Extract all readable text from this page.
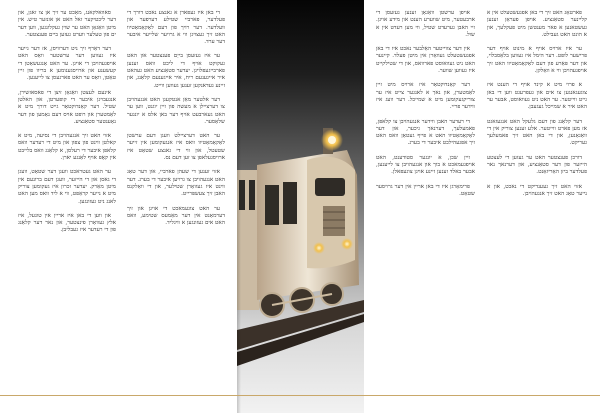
סאוואלקאנג, מאַכט ער זיך אן צו זאגן, און דער ליכטיקער זאל האט אן אונזער טיש. אין מיטן וואַגאָן האט ער שוין געקלונגען, ווען דער ים פון טעלער ווערט געזען ביים פענצטער.

דער דאַרף זיך ניט דערוויסן, אז דער גייער איז געווען דער ערשטער וואָס האט אויפגעהויבן די אויגן. ער האט אָנגעשאָטן די קעשענע און ארויסגענומען א בריוו פון זיין טאַטן, וואָס ער האט פארגעסן צו לייענען.

אינעם לעצטן וואַגאָן זיצן די פאסאזשירן, אנגעבויגן איבער די קופערטן, און האלטן שטיל. דער קאָנדוקטאָר גייט דורך מיט א לאַמטערן און רופט אויס דעם נאָמען פון דער נאָענטער סטאַנציע.

אזוי האט זיך אנגעהויבן די נסיעה, מיט א קאלטן ווינט פון צפון און מיט די רעדער וואס קלאפן איבער די רעלסן, א קלאַנג וואס בלייבט אין קאָפּ אויף לאַנגע יארן.

ער האט געטראכט וועגן דער שטאָט, וועגן די גאסן און די הייזער, וועגן דעם ברונעם אין מיטן מאַרק. יעדער זכרון איז געקומען צוריק מיט א נייער קראַפט, ווי א ליד וואס מען האט לאנג ניט געזונגען.

און ווען די באן איז אריין אין טונעל, איז אלץ געוואָרן פינצטער, און נאר דער קלאַנג פון די רעדער איז געבליבן.

די באן איז געפארן א גאנצע נאכט דורך די פעלדער, פארביי שטילע דערפער און וועלדער. דער רויך פון דעם לאָקאָמאָטיוו האט זיך געצויגן ווי א גרויער שלייער איבער דער ערד.

ער איז געזעסן בייַם פענצטער און האט געקוקט אויף די ליכט וואס זענען פארבייגעפלויגן. יעדער סטאַנציע האט געהאט איר אייגענעם ריח, איר אייגענעם קלאַנג, און זיינע געדאנקען זענען געווען ווייט.

דער אלטער מאַן אנטקעגן האט אנגעהויבן צו דערציילן א מעשה פון זיין יוגנט, ווען ער האט געארבעט אויף דער באן אלס א יונגער שלאָסער.

ער האט דערציילט וועגן דעם ערשטן לאָקאָמאָטיוו וואס איז אנגעקומען אין זייער שטעטל, און ווי די גאנצע שטאָט איז ארויסגעלאפן צו זען דעם נס.

אזוי זענען די שעהן פארביי, און דער טאָג האט אנגעהויבן צו גרויען איבער די בערג. דער ווינט איז געוואָרן שטילער, און די וואָלקנס האבן זיך צעשפּרייט.

ער האט צוגעמאכט די אויגן און זיך דערמאָנט אין דער מאַמעס שטימע, וואס האט אים געזונגען א וויגליד.

אויפן ערשטן וואַגאָן זענען געזעסן די ארבעטער, מיט שווערע הענט און מידע אויגן. זיי האבן גערעדט שטיל, ווי מען רעדט אין א שול.

אין דער צווייטער האַלבער נאכט איז די באן אפגעשטעלט געוואָרן אין מיטן פעלד. קיינער האט ניט געוואוסט פארוואס, און די שטילקייט איז געווען שווער.

דער קאָנדוקטאָר איז ארויס מיט זיין לאַמטערן, און נאך א לאנגער צייט איז ער צוריקגעקומען מיט א שמייכל. דער וועג איז ווידער פריי.

די רעדער האבן ווידער אנגעהויבן צו קלאפן, פאמעלעך, דערנאך גיכער, און דער לאָקאָמאָטיוו האט א פייף געטאָן וואס האט זיך אפגעהילכט איבער די בערג.

זיין שכן, א יונגער סטודענט, האט אויפגעמאכט א בוך און אנגעהויבן צו לייענען, אבער באלד זענען זיינע אויגן צוגעפאלן.

פרימאָרגן איז די באן אריין אין דער גרויסער שטאָט.

פארטאָג האט זיך די באן אפגעשטעלט אין א קליינער סטאַנציע. אויפן פעראָן זענען געשטאנען א פאר מענטשן מיט פעקלעך, און א הונט האט געבילט.

ער איז ארויס אויף א מינוט אויף דער פרישער לופט. דער הימל איז געווען בלאַסבלוי, און דער פּאַרע פון דעם לאָקאָמאָטיוו האט זיך אויפגעהויבן ווי א וואָלקן.

א פרוי מיט א קינד אויף די הענט איז צוגעגאנגען צו אים און געפרעגט ווען די באן גייט ווייטער. ער האט ניט געוואוסט, אבער ער האט איר א שמייכל געגעבן.

דער קלאַנג פון דעם גלעקל האט אנגעזאגט אז מען פארט ווייטער. אלע זענען צוריק אין די וואַגאָנען, און די באן האט זיך פאמעלעך געריקט.

דורכן פענצטער האט ער געזען די לעצטע הייזער פון דער סטאַנציע, און דערנאך נאר פעלדער ביזן האָריזאָנט.

אזוי האט זיך געענדיקט די נאכט, און א נייער טאָג האט זיך אנגעהויבן.
